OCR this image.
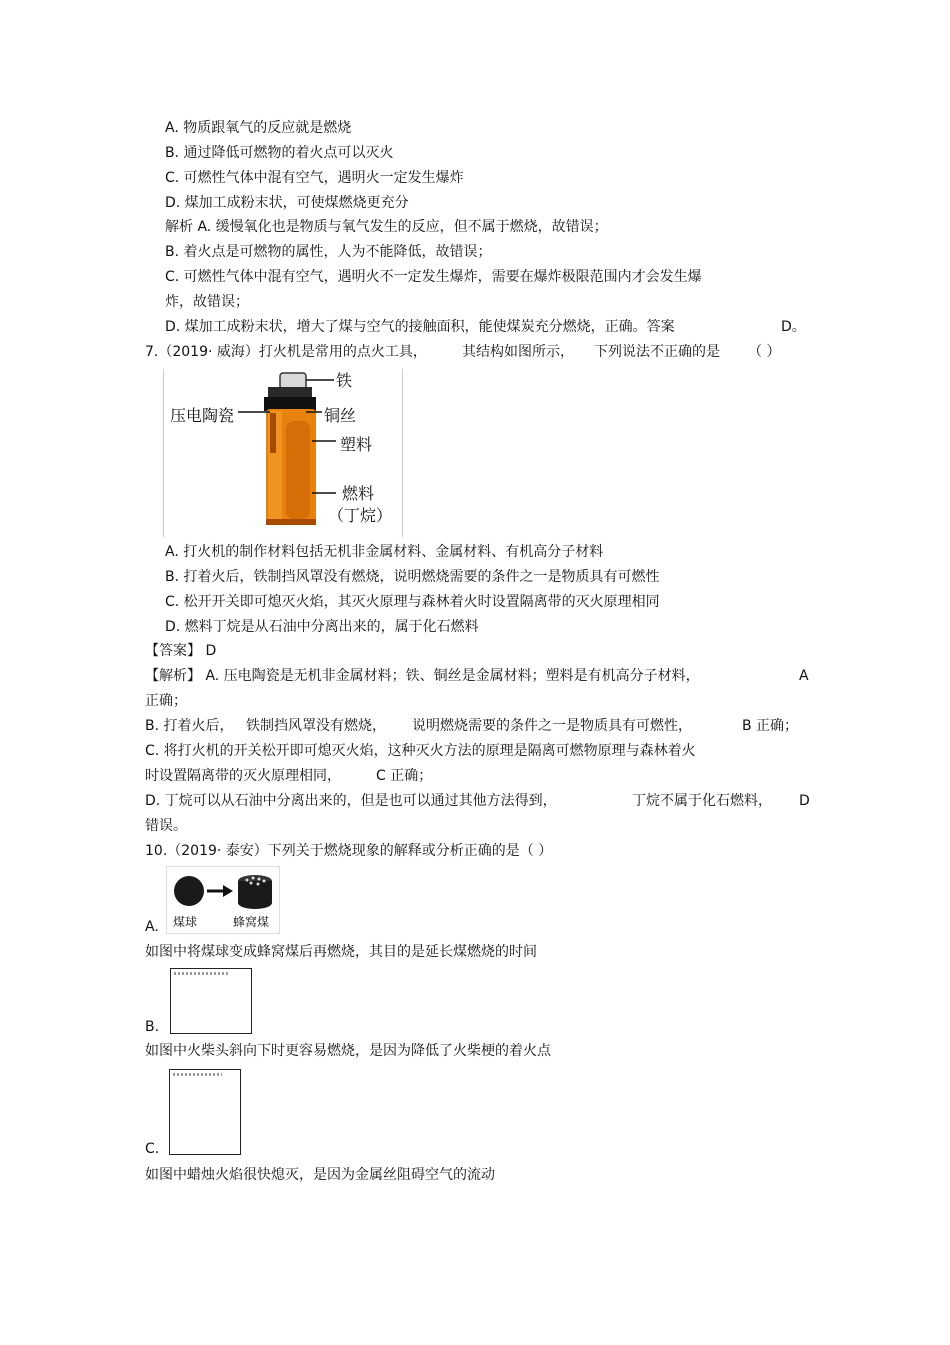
A. 物质跟氧气的反应就是燃烧
B. 通过降低可燃物的着火点可以灭火
C. 可燃性气体中混有空气，遇明火一定发生爆炸
D. 煤加工成粉末状，可使煤燃烧更充分
解析 A. 缓慢氧化也是物质与氧气发生的反应，但不属于燃烧，故错误；
B. 着火点是可燃物的属性，人为不能降低，故错误；
C. 可燃性气体中混有空气，遇明火不一定发生爆炸，需要在爆炸极限范围内才会发生爆
炸，故错误；
D. 煤加工成粉末状，增大了煤与空气的接触面积，能使煤炭充分燃烧，正确。答案	D。
7.（2019· 威海）打火机是常用的点火工具，	其结构如图所示， 下列说法不正确的是 （ ）
铁
压电陶瓷	铜丝
塑料
燃料
（丁烷）
A. 打火机的制作材料包括无机非金属材料、金属材料、有机高分子材料
B. 打着火后，铁制挡风罩没有燃烧，说明燃烧需要的条件之一是物质具有可燃性
C. 松开开关即可熄灭火焰，其灭火原理与森林着火时设置隔离带的灭火原理相同
D. 燃料丁烷是从石油中分离出来的，属于化石燃料
【答案】 D
【解析】 A. 压电陶瓷是无机非金属材料；铁、铜丝是金属材料；塑料是有机高分子材料，	A
正确；
B. 打着火后， 铁制挡风罩没有燃烧， 说明燃烧需要的条件之一是物质具有可燃性，	B 正确；
C. 将打火机的开关松开即可熄灭火焰，这种灭火方法的原理是隔离可燃物原理与森林着火
时设置隔离带的灭火原理相同，	C 正确；
D. 丁烷可以从石油中分离出来的，但是也可以通过其他方法得到，	丁烷不属于化石燃料， D
错误。
10.（2019· 泰安）下列关于燃烧现象的解释或分析正确的是（ ）
煤球	蜂窝煤
A.
如图中将煤球变成蜂窝煤后再燃烧，其目的是延长煤燃烧的时间
B.
如图中火柴头斜向下时更容易燃烧，是因为降低了火柴梗的着火点
C.
如图中蜡烛火焰很快熄灭，是因为金属丝阻碍空气的流动
